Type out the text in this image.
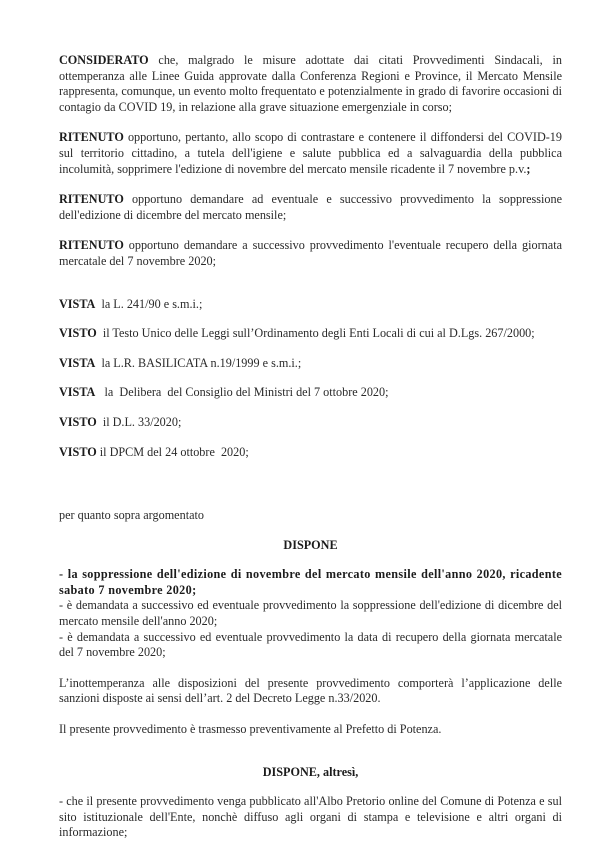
CONSIDERATO che, malgrado le misure adottate dai citati Provvedimenti Sindacali, in ottemperanza alle Linee Guida approvate dalla Conferenza Regioni e Province, il Mercato Mensile rappresenta, comunque, un evento molto frequentato e potenzialmente in grado di favorire occasioni di contagio da COVID 19, in relazione alla grave situazione emergenziale in corso;

RITENUTO opportuno, pertanto, allo scopo di contrastare e contenere il diffondersi del COVID-19 sul territorio cittadino, a tutela dell'igiene e salute pubblica ed a salvaguardia della pubblica incolumità, sopprimere l'edizione di novembre del mercato mensile ricadente il 7 novembre p.v.;

RITENUTO opportuno demandare ad eventuale e successivo provvedimento la soppressione dell'edizione di dicembre del mercato mensile;

RITENUTO opportuno demandare a successivo provvedimento l'eventuale recupero della giornata mercatale del 7 novembre 2020;

VISTA  la L. 241/90 e s.m.i.;

VISTO  il Testo Unico delle Leggi sull’Ordinamento degli Enti Locali di cui al D.Lgs. 267/2000;

VISTA  la L.R. BASILICATA n.19/1999 e s.m.i.;

VISTA   la  Delibera  del Consiglio del Ministri del 7 ottobre 2020;

VISTO  il D.L. 33/2020;

VISTO il DPCM del 24 ottobre  2020;

per quanto sopra argomentato

DISPONE

- la soppressione dell'edizione di novembre del mercato mensile dell'anno 2020, ricadente sabato 7 novembre 2020;

- è demandata a successivo ed eventuale provvedimento la soppressione dell'edizione di dicembre del mercato mensile dell'anno 2020;

- è demandata a successivo ed eventuale provvedimento la data di recupero della giornata mercatale del 7 novembre 2020;

L’inottemperanza alle disposizioni del presente provvedimento comporterà l’applicazione delle sanzioni disposte ai sensi dell’art. 2 del Decreto Legge n.33/2020.

Il presente provvedimento è trasmesso preventivamente al Prefetto di Potenza.

DISPONE, altresì,

- che il presente provvedimento venga pubblicato all'Albo Pretorio online del Comune di Potenza e sul sito istituzionale dell'Ente, nonchè diffuso agli organi di stampa e televisione e altri organi di informazione;
